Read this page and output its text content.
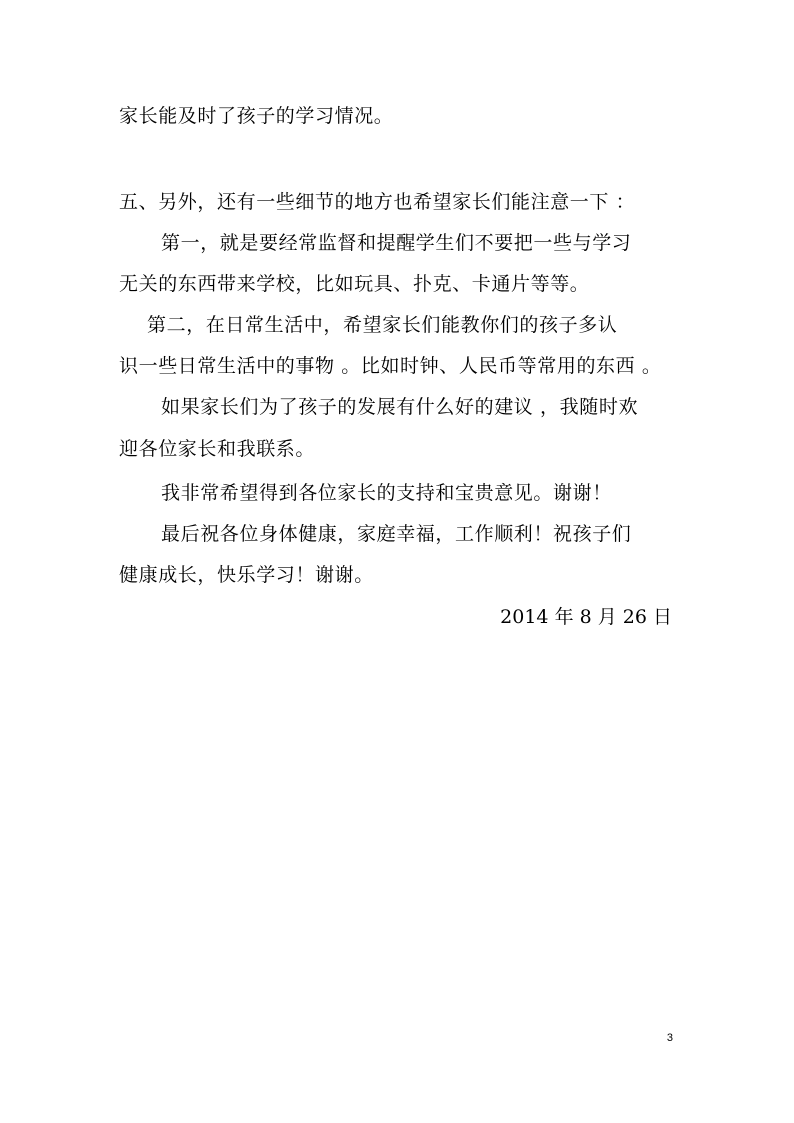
家长能及时了孩子的学习情况。
五、另外，还有一些细节的地方也希望家长们能注意一下 ：
第一，就是要经常监督和提醒学生们不要把一些与学习
无关的东西带来学校，比如玩具、扑克、卡通片等等。
第二，在日常生活中，希望家长们能教你们的孩子多认
识一些日常生活中的事物 。比如时钟、人民币等常用的东西 。
如果家长们为了孩子的发展有什么好的建议 ，我随时欢
迎各位家长和我联系。
我非常希望得到各位家长的支持和宝贵意见。谢谢！
最后祝各位身体健康，家庭幸福，工作顺利！祝孩子们
健康成长，快乐学习！谢谢。
2014 年 8 月 26 日
3
